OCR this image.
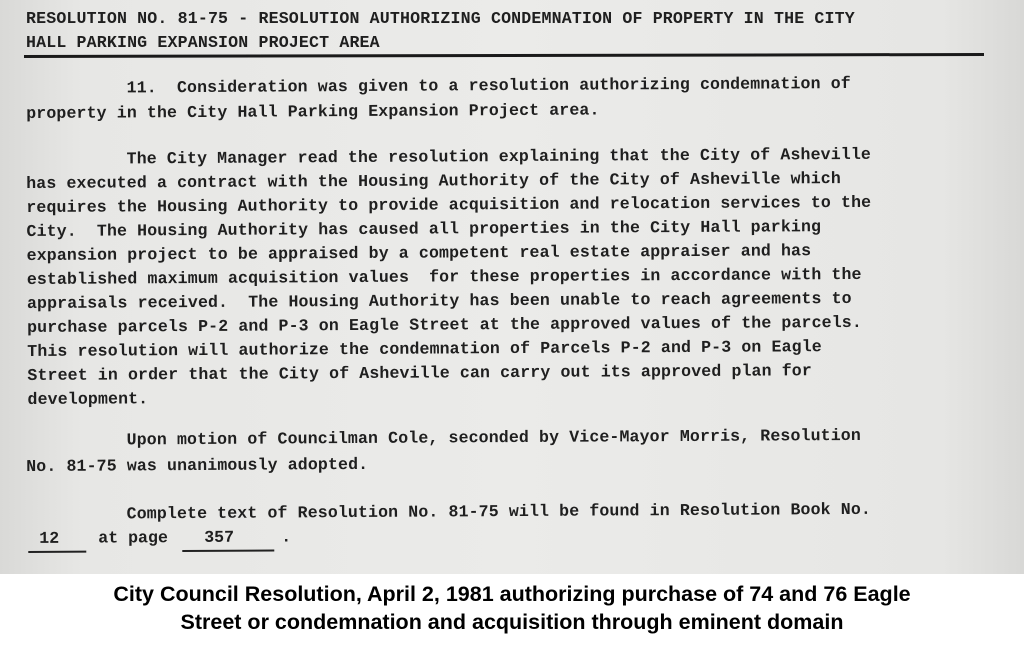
RESOLUTION NO. 81-75 - RESOLUTION AUTHORIZING CONDEMNATION OF PROPERTY IN THE CITY
HALL PARKING EXPANSION PROJECT AREA
11.  Consideration was given to a resolution authorizing condemnation of
property in the City Hall Parking Expansion Project area.
The City Manager read the resolution explaining that the City of Asheville
has executed a contract with the Housing Authority of the City of Asheville which
requires the Housing Authority to provide acquisition and relocation services to the
City.  The Housing Authority has caused all properties in the City Hall parking
expansion project to be appraised by a competent real estate appraiser and has
established maximum acquisition values  for these properties in accordance with the
appraisals received.  The Housing Authority has been unable to reach agreements to
purchase parcels P-2 and P-3 on Eagle Street at the approved values of the parcels.
This resolution will authorize the condemnation of Parcels P-2 and P-3 on Eagle
Street in order that the City of Asheville can carry out its approved plan for
development.
Upon motion of Councilman Cole, seconded by Vice-Mayor Morris, Resolution
No. 81-75 was unanimously adopted.
Complete text of Resolution No. 81-75 will be found in Resolution Book No.
12 at page 357	.
City Council Resolution, April 2, 1981 authorizing purchase of 74 and 76 Eagle
Street or condemnation and acquisition through eminent domain
